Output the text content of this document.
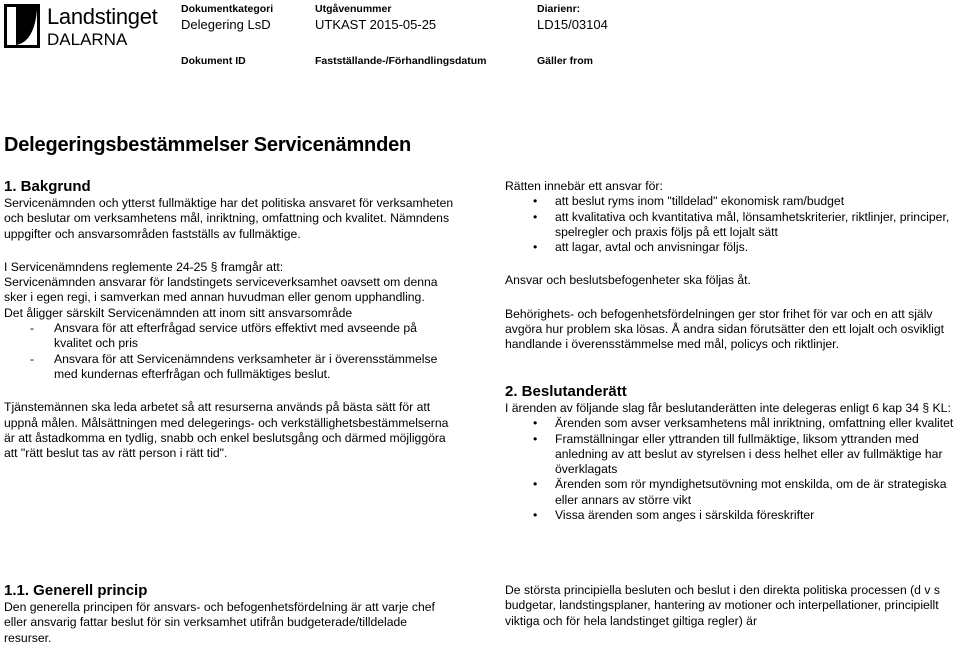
Landstinget
DALARNA
Dokumentkategori
Delegering LsD
Utgåvenummer
UTKAST 2015-05-25
Diarienr:
LD15/03104
Dokument ID	Fastställande-/Förhandlingsdatum	Gäller from
Delegeringsbestämmelser Servicenämnden
1. Bakgrund

Servicenämnden och ytterst fullmäktige har det politiska ansvaret för verksamheten och beslutar om verksamhetens mål, inriktning, omfattning och kvalitet. Nämndens uppgifter och ansvarsområden fastställs av fullmäktige.

I Servicenämndens reglemente 24-25 § framgår att:

Servicenämnden ansvarar för landstingets serviceverksamhet oavsett om denna sker i egen regi, i samverkan med annan huvudman eller genom upphandling.

Det åligger särskilt Servicenämnden att inom sitt ansvarsområde

- Ansvara för att efterfrågad service utförs effektivt med avseende på kvalitet och pris
- Ansvara för att Servicenämndens verksamheter är i överensstämmelse med kundernas efterfrågan och fullmäktiges beslut.

Tjänstemännen ska leda arbetet så att resurserna används på bästa sätt för att uppnå målen. Målsättningen med delegerings- och verkställighetsbestämmelserna är att åstadkomma en tydlig, snabb och enkel beslutsgång och därmed möjliggöra att "rätt beslut tas av rätt person i rätt tid".

1.1. Generell princip
Den generella principen för ansvars- och befogenhetsfördelning är att varje chef eller ansvarig fattar beslut för sin verksamhet utifrån budgeterade/tilldelade resurser.

Rätten innebär ett ansvar för:

• att beslut ryms inom "tilldelad" ekonomisk ram/budget
• att kvalitativa och kvantitativa mål, lönsamhetskriterier, riktlinjer, principer, spelregler och praxis följs på ett lojalt sätt
• att lagar, avtal och anvisningar följs.

Ansvar och beslutsbefogenheter ska följas åt.

Behörighets- och befogenhetsfördelningen ger stor frihet för var och en att själv avgöra hur problem ska lösas. Å andra sidan förutsätter den ett lojalt och osvikligt handlande i överensstämmelse med mål, policys och riktlinjer.

2. Beslutanderätt

I ärenden av följande slag får beslutanderätten inte delegeras enligt 6 kap 34 § KL:

• Ärenden som avser verksamhetens mål inriktning, omfattning eller kvalitet
• Framställningar eller yttranden till fullmäktige, liksom yttranden med anledning av att beslut av styrelsen i dess helhet eller av fullmäktige har överklagats
• Ärenden som rör myndighetsutövning mot enskilda, om de är strategiska eller annars av större vikt
• Vissa ärenden som anges i särskilda föreskrifter
De största principiella besluten och beslut i den direkta politiska processen (d v s budgetar, landstingsplaner, hantering av motioner och interpellationer, principiellt viktiga och för hela landstinget giltiga regler) är
